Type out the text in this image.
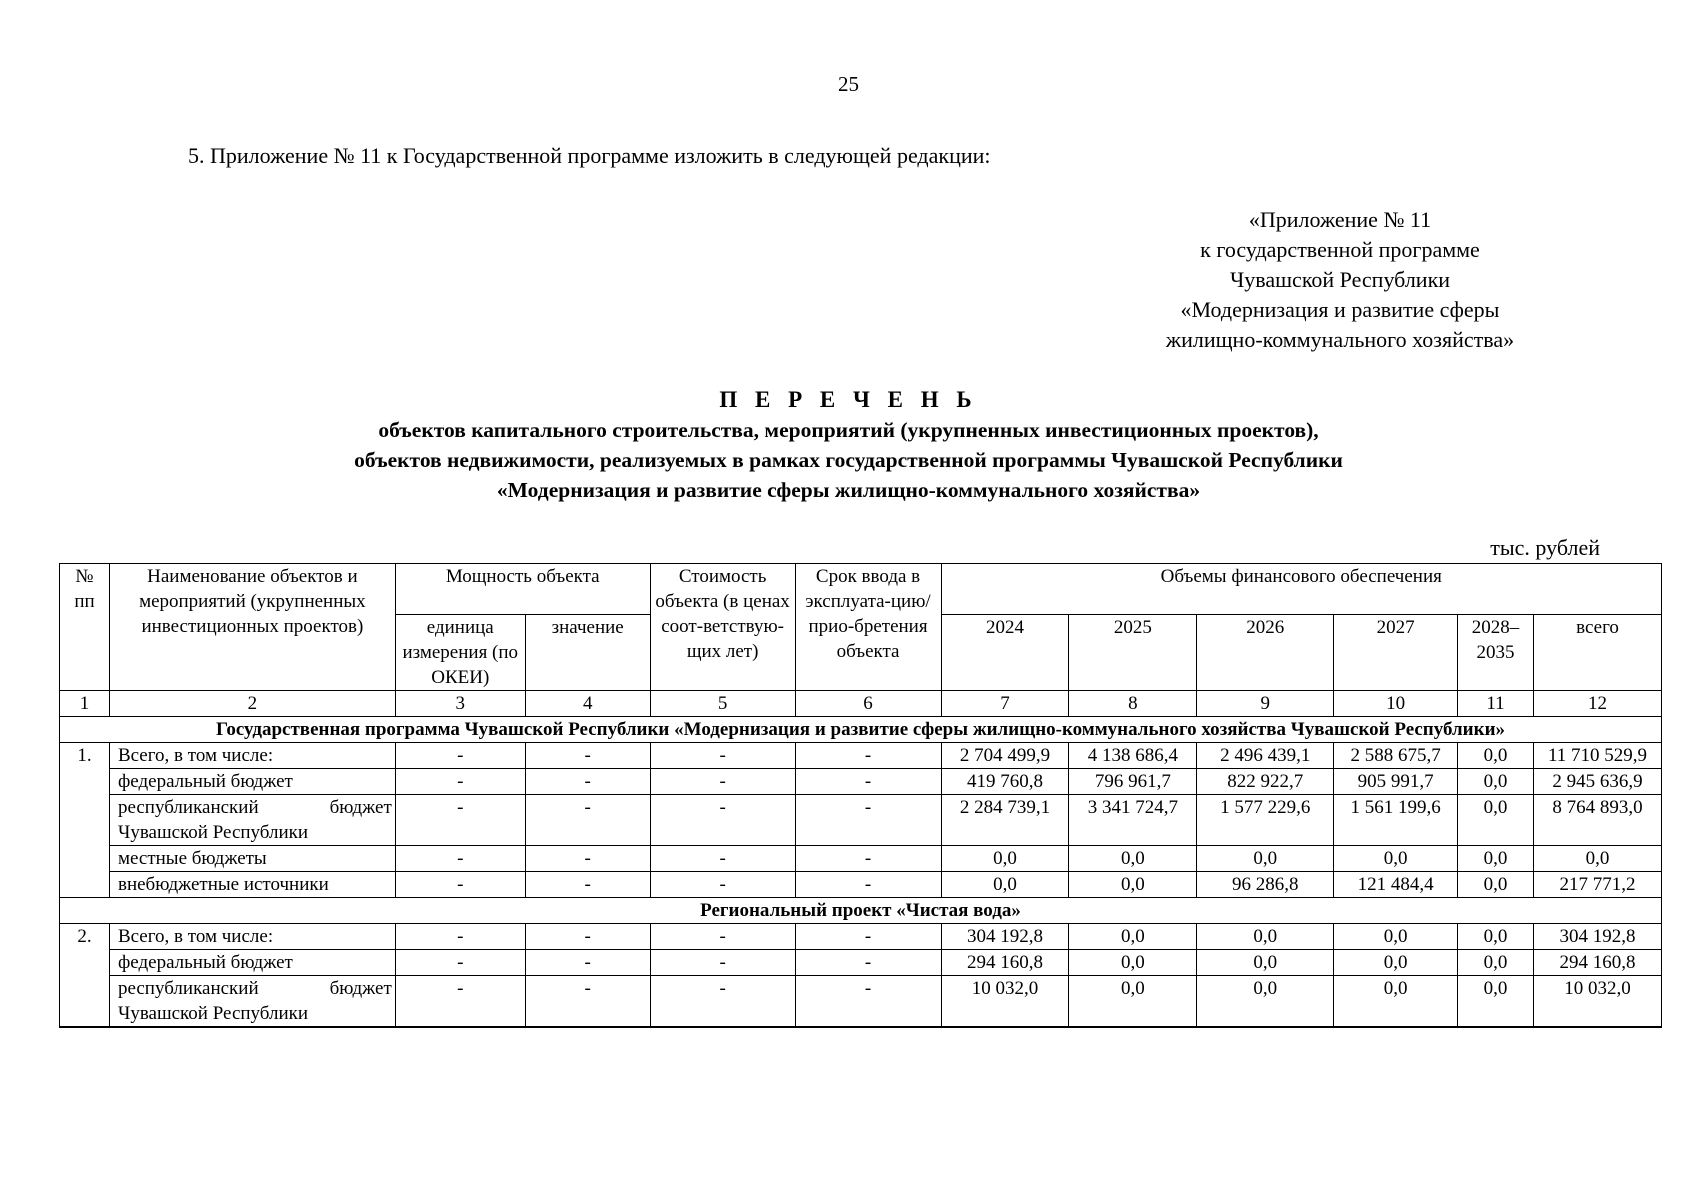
25
5. Приложение № 11 к Государственной программе изложить в следующей редакции:
«Приложение № 11
к государственной программе
Чувашской Республики
«Модернизация и развитие сферы
жилищно-коммунального хозяйства»
П Е Р Е Ч Е Н Ь
объектов капитального строительства, мероприятий (укрупненных инвестиционных проектов),
объектов недвижимости, реализуемых в рамках государственной программы Чувашской Республики
«Модернизация и развитие сферы жилищно-коммунального хозяйства»
тыс. рублей
№ пп	Наименование объектов и мероприятий (укрупненных инвестиционных проектов)	Мощность объекта		Стоимость объекта (в ценах соот-ветствую-щих лет)	Срок ввода в эксплуата-цию/прио-бретения объекта	Объемы финансового обеспечения					
		единица измерения (по ОКЕИ)	значение			2024	2025	2026	2027	2028–2035	всего
1	2	3	4	5	6	7	8	9	10	11	12
Государственная программа Чувашской Республики «Модернизация и развитие сферы жилищно-коммунального хозяйства Чувашской Республики»											
1.	Всего, в том числе:	-	-	-	-	2 704 499,9	4 138 686,4	2 496 439,1	2 588 675,7	0,0	11 710 529,9
	федеральный бюджет	-	-	-	-	419 760,8	796 961,7	822 922,7	905 991,7	0,0	2 945 636,9
	республиканский бюджет Чувашской Республики	-	-	-	-	2 284 739,1	3 341 724,7	1 577 229,6	1 561 199,6	0,0	8 764 893,0
	местные бюджеты	-	-	-	-	0,0	0,0	0,0	0,0	0,0	0,0
	внебюджетные источники	-	-	-	-	0,0	0,0	96 286,8	121 484,4	0,0	217 771,2
Региональный проект «Чистая вода»											
2.	Всего, в том числе:	-	-	-	-	304 192,8	0,0	0,0	0,0	0,0	304 192,8
	федеральный бюджет	-	-	-	-	294 160,8	0,0	0,0	0,0	0,0	294 160,8
	республиканский бюджет Чувашской Республики	-	-	-	-	10 032,0	0,0	0,0	0,0	0,0	10 032,0
